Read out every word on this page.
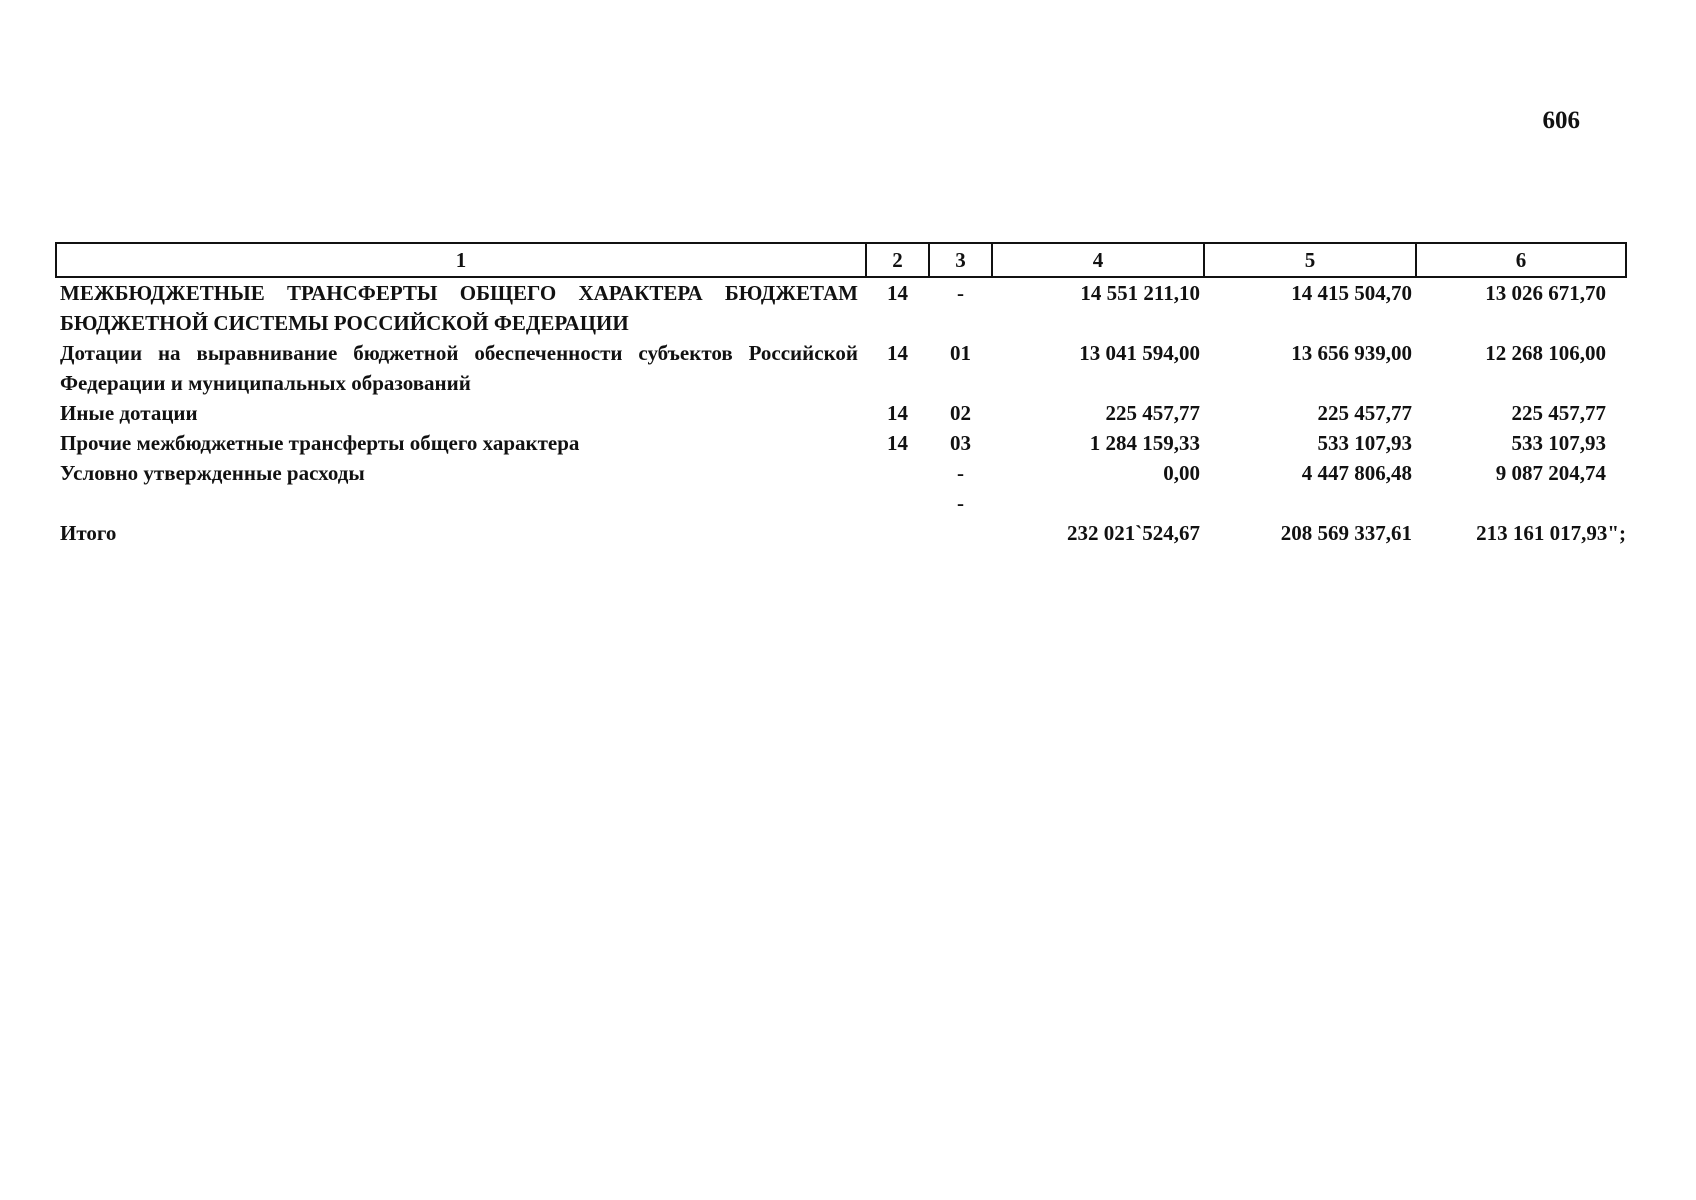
606
1	2	3	4	5	6
МЕЖБЮДЖЕТНЫЕ ТРАНСФЕРТЫ ОБЩЕГО ХАРАКТЕРА БЮДЖЕТАМ БЮДЖЕТНОЙ СИСТЕМЫ РОССИЙСКОЙ ФЕДЕРАЦИИ	14	-	14 551 211,10	14 415 504,70	13 026 671,70
Дотации на выравнивание бюджетной обеспеченности субъектов Российской Федерации и муниципальных образований	14	01	13 041 594,00	13 656 939,00	12 268 106,00
Иные дотации	14	02	225 457,77	225 457,77	225 457,77
Прочие межбюджетные трансферты общего характера	14	03	1 284 159,33	533 107,93	533 107,93
Условно утвержденные расходы		-	0,00	4 447 806,48	9 087 204,74
		-			
Итого			232 021`524,67	208 569 337,61	213 161 017,93";
